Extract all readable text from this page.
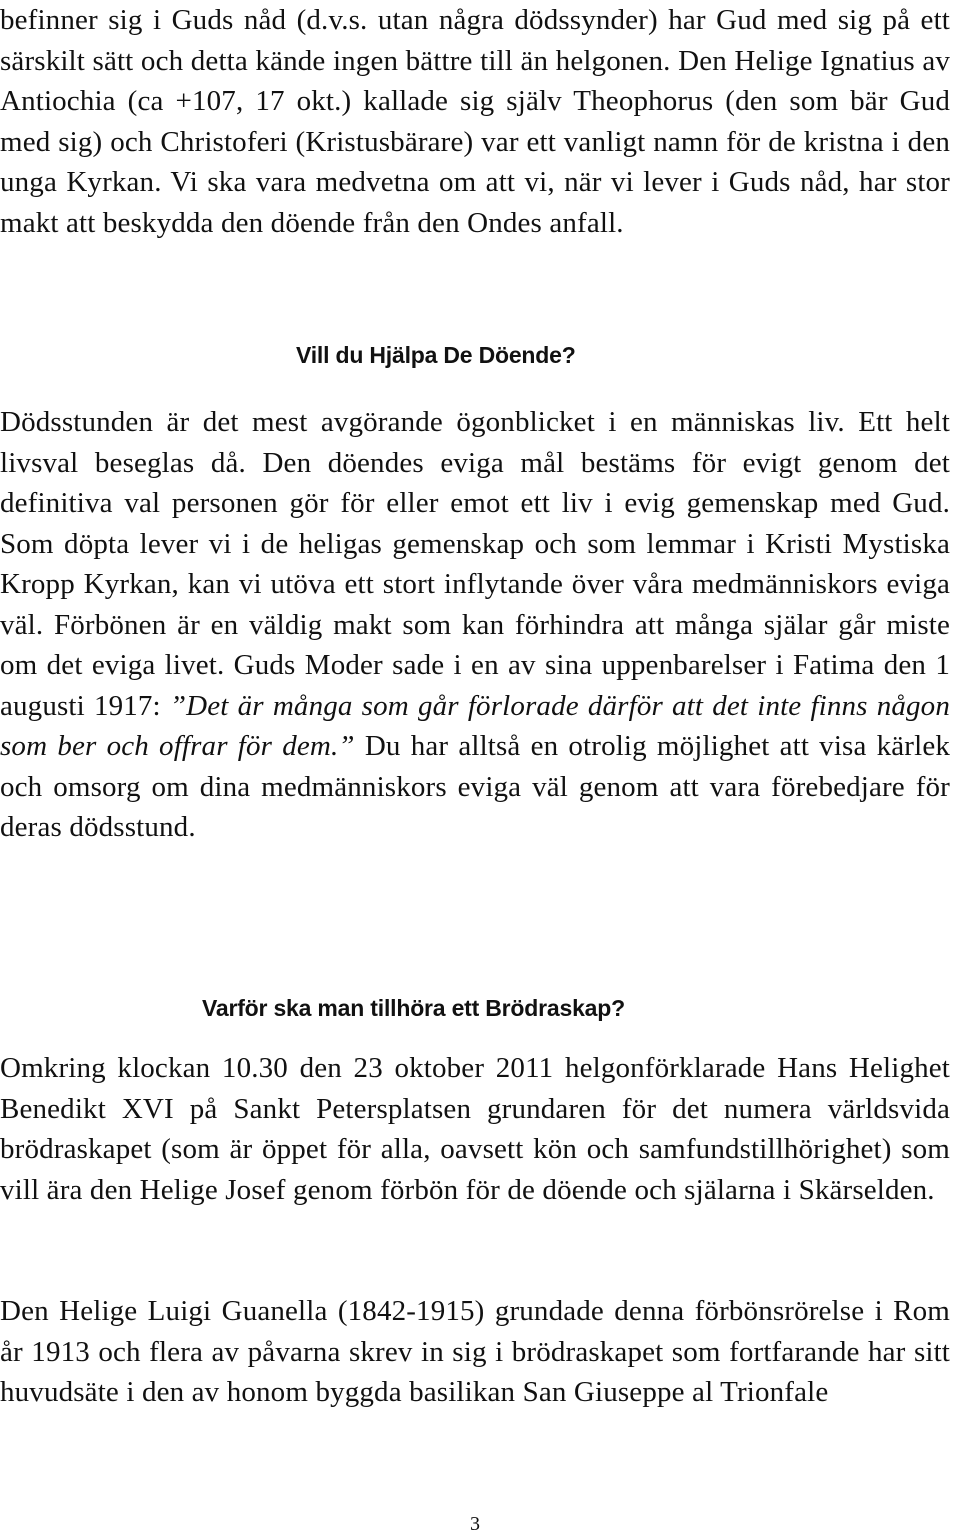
befinner sig i Guds nåd (d.v.s. utan några dödssynder) har Gud med sig på ett särskilt sätt och detta kände ingen bättre till än helgonen. Den Helige Ignatius av Antiochia (ca +107, 17 okt.) kallade sig själv Theophorus (den som bär Gud med sig) och Christoferi (Kristusbärare) var ett vanligt namn för de kristna i den unga Kyrkan. Vi ska vara medvetna om att vi, när vi lever i Guds nåd, har stor makt att beskydda den döende från den Ondes anfall.

Vill du Hjälpa De Döende?

Dödsstunden är det mest avgörande ögonblicket i en människas liv. Ett helt livsval beseglas då. Den döendes eviga mål bestäms för evigt genom det definitiva val personen gör för eller emot ett liv i evig gemenskap med Gud. Som döpta lever vi i de heligas gemenskap och som lemmar i Kristi Mystiska Kropp Kyrkan, kan vi utöva ett stort inflytande över våra medmänniskors eviga väl. Förbönen är en väldig makt som kan förhindra att många själar går miste om det eviga livet. Guds Moder sade i en av sina uppenbarelser i Fatima den 1 augusti 1917: ”Det är många som går förlorade därför att det inte finns någon som ber och offrar för dem.” Du har alltså en otrolig möjlighet att visa kärlek och omsorg om dina medmänniskors eviga väl genom att vara förebedjare för deras dödsstund.

Varför ska man tillhöra ett Brödraskap?

Omkring klockan 10.30 den 23 oktober 2011 helgonförklarade Hans Helighet Benedikt XVI på Sankt Petersplatsen grundaren för det numera världsvida brödraskapet (som är öppet för alla, oavsett kön och samfundstillhörighet) som vill ära den Helige Josef genom förbön för de döende och själarna i Skärselden.

Den Helige Luigi Guanella (1842-1915) grundade denna förbönsrörelse i Rom år 1913 och flera av påvarna skrev in sig i brödraskapet som fortfarande har sitt huvudsäte i den av honom byggda basilikan San Giuseppe al Trionfale

3
